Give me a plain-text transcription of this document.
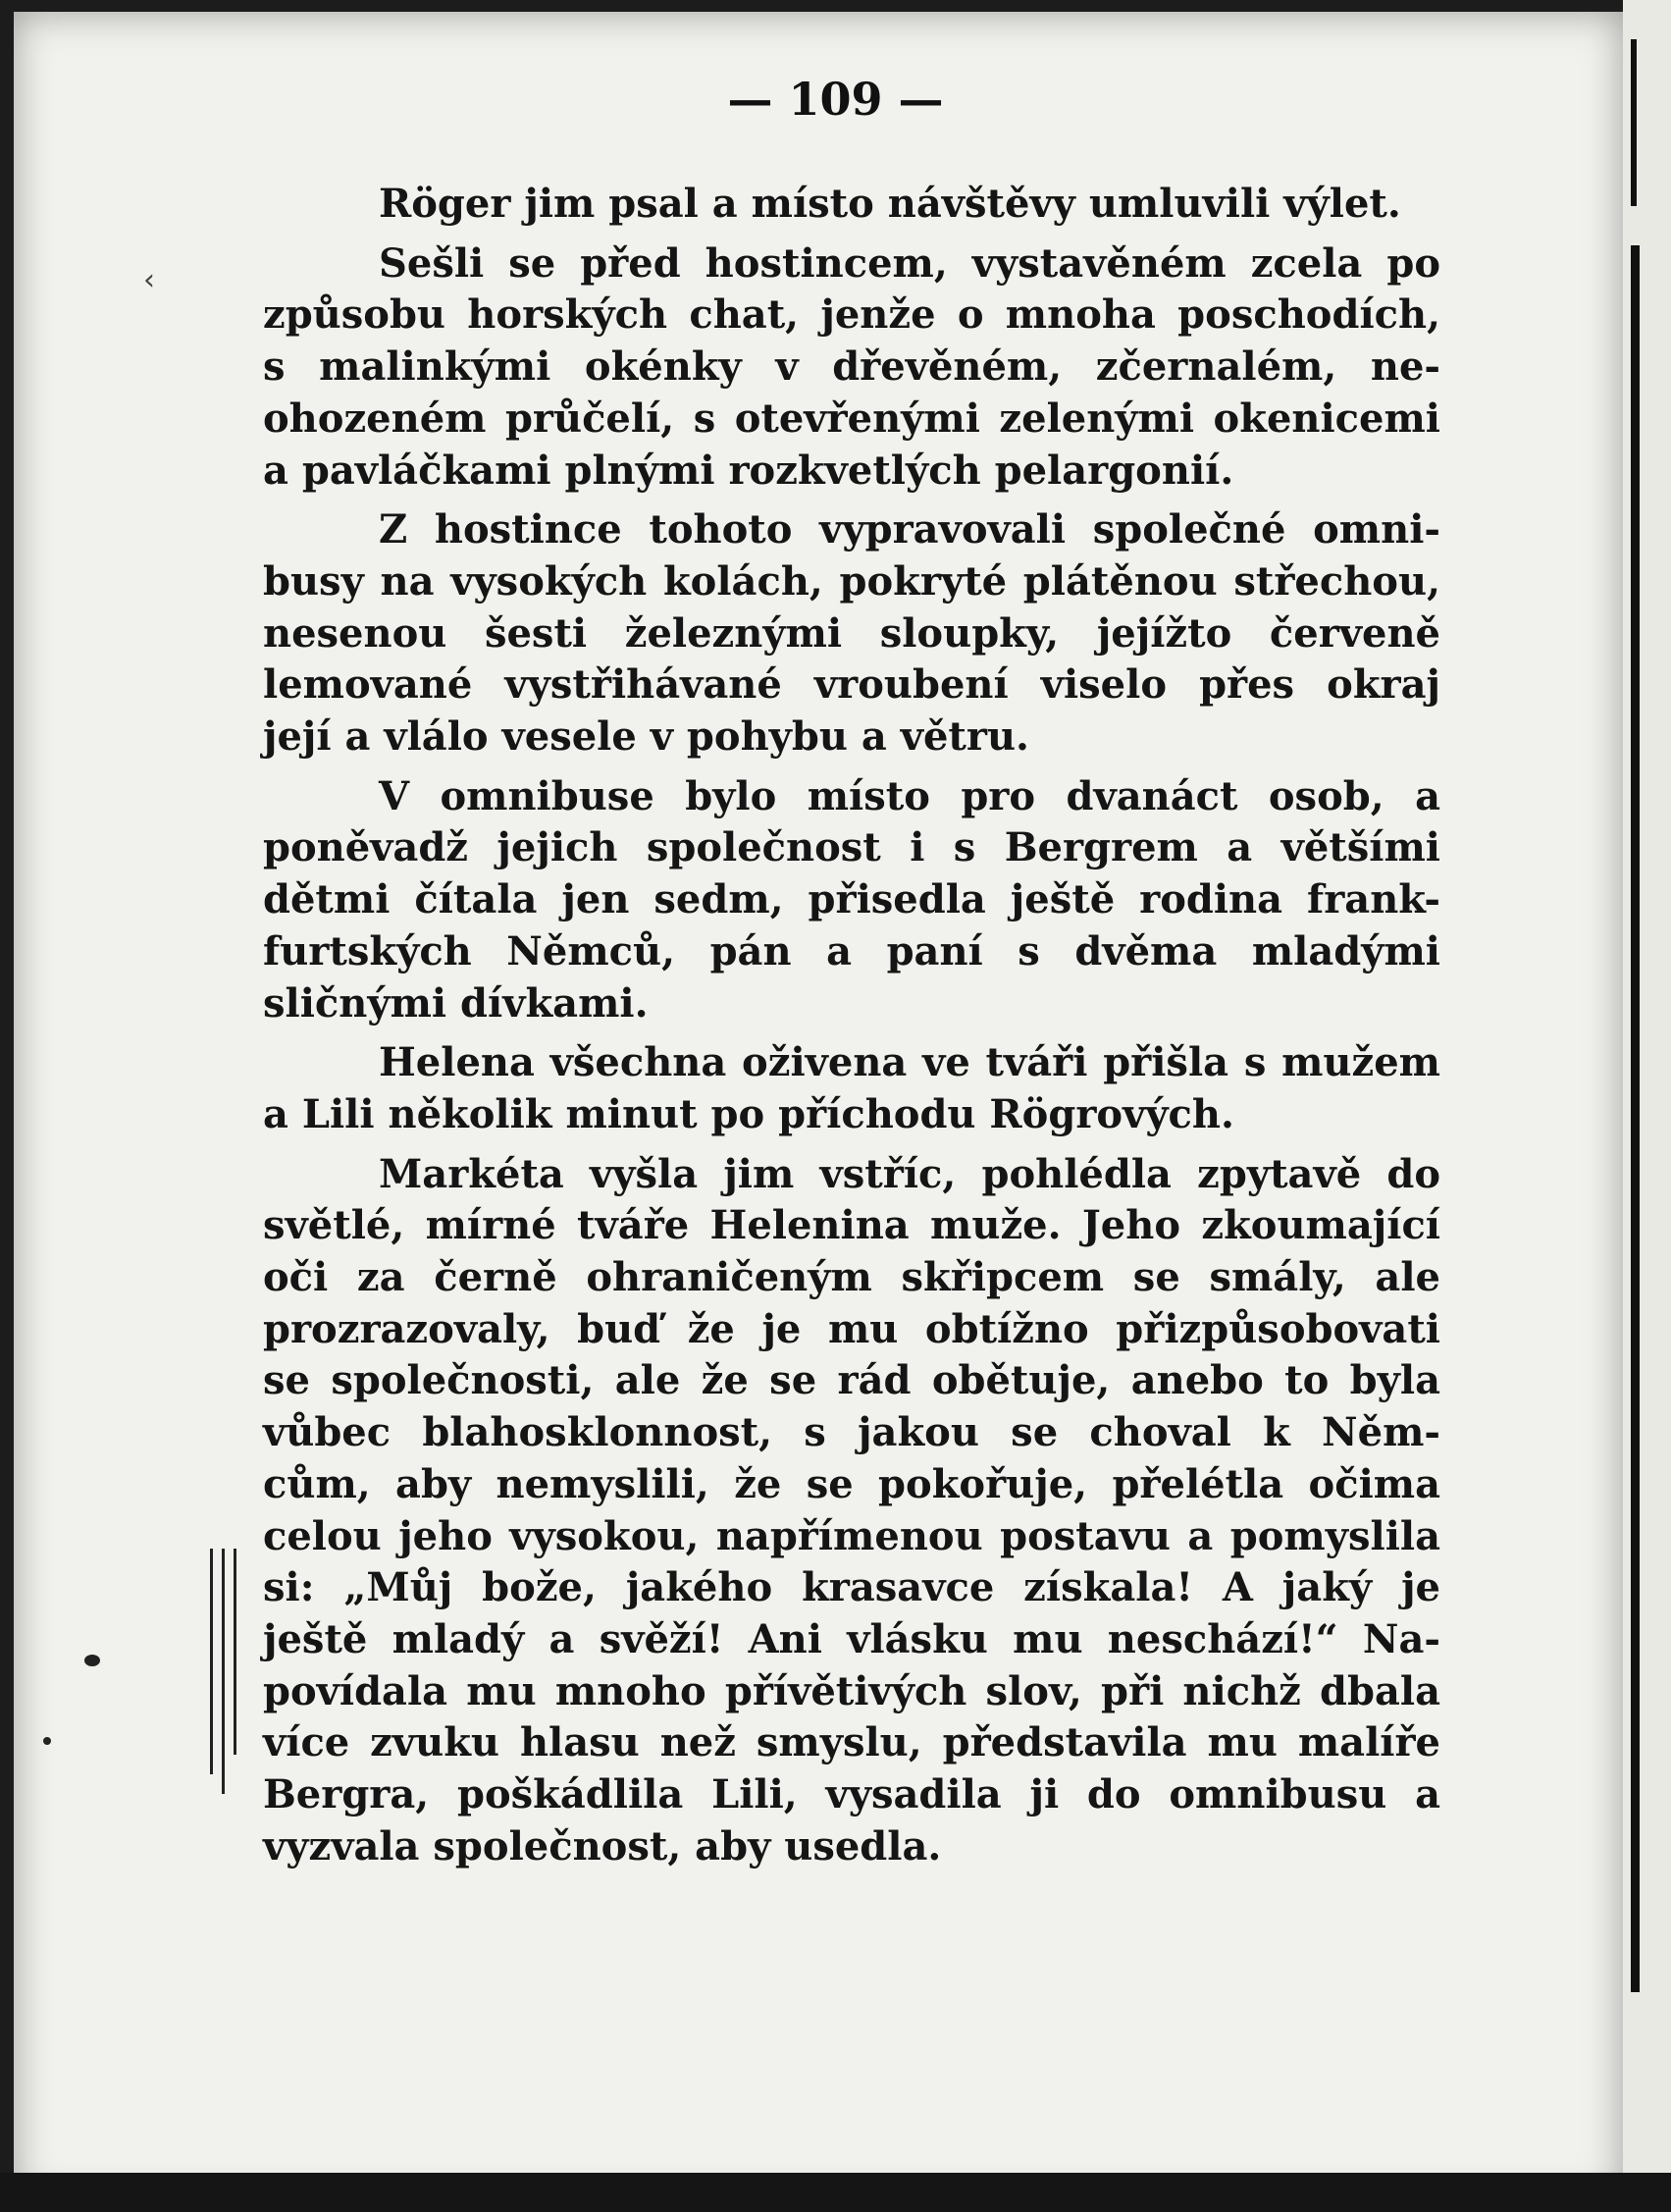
— 109 —
‹
Röger jim psal a místo návštěvy umluvili výlet.
Sešli se před hostincem, vystavěném zcela po
způsobu horských chat, jenže o mnoha poschodích,
s malinkými okénky v dřevěném, zčernalém, ne-
ohozeném průčelí, s otevřenými zelenými okenicemi
a pavláčkami plnými rozkvetlých pelargonií.
Z hostince tohoto vypravovali společné omni-
busy na vysokých kolách, pokryté plátěnou střechou,
nesenou šesti železnými sloupky, jejížto červeně
lemované vystřihávané vroubení viselo přes okraj
její a vlálo vesele v pohybu a větru.
V omnibuse bylo místo pro dvanáct osob, a
poněvadž jejich společnost i s Bergrem a většími
dětmi čítala jen sedm, přisedla ještě rodina frank-
furtských Němců, pán a paní s dvěma mladými
sličnými dívkami.
Helena všechna oživena ve tváři přišla s mužem
a Lili několik minut po příchodu Rögrových.
Markéta vyšla jim vstříc, pohlédla zpytavě do
světlé, mírné tváře Helenina muže. Jeho zkoumající
oči za černě ohraničeným skřipcem se smály, ale
prozrazovaly, buď že je mu obtížno přizpůsobovati
se společnosti, ale že se rád obětuje, anebo to byla
vůbec blahosklonnost, s jakou se choval k Něm-
cům, aby nemyslili, že se pokořuje, přelétla očima
celou jeho vysokou, napřímenou postavu a pomyslila
si: „Můj bože, jakého krasavce získala! A jaký je
ještě mladý a svěží! Ani vlásku mu neschází!“ Na-
povídala mu mnoho přívětivých slov, při nichž dbala
více zvuku hlasu než smyslu, představila mu malíře
Bergra, poškádlila Lili, vysadila ji do omnibusu a
vyzvala společnost, aby usedla.
